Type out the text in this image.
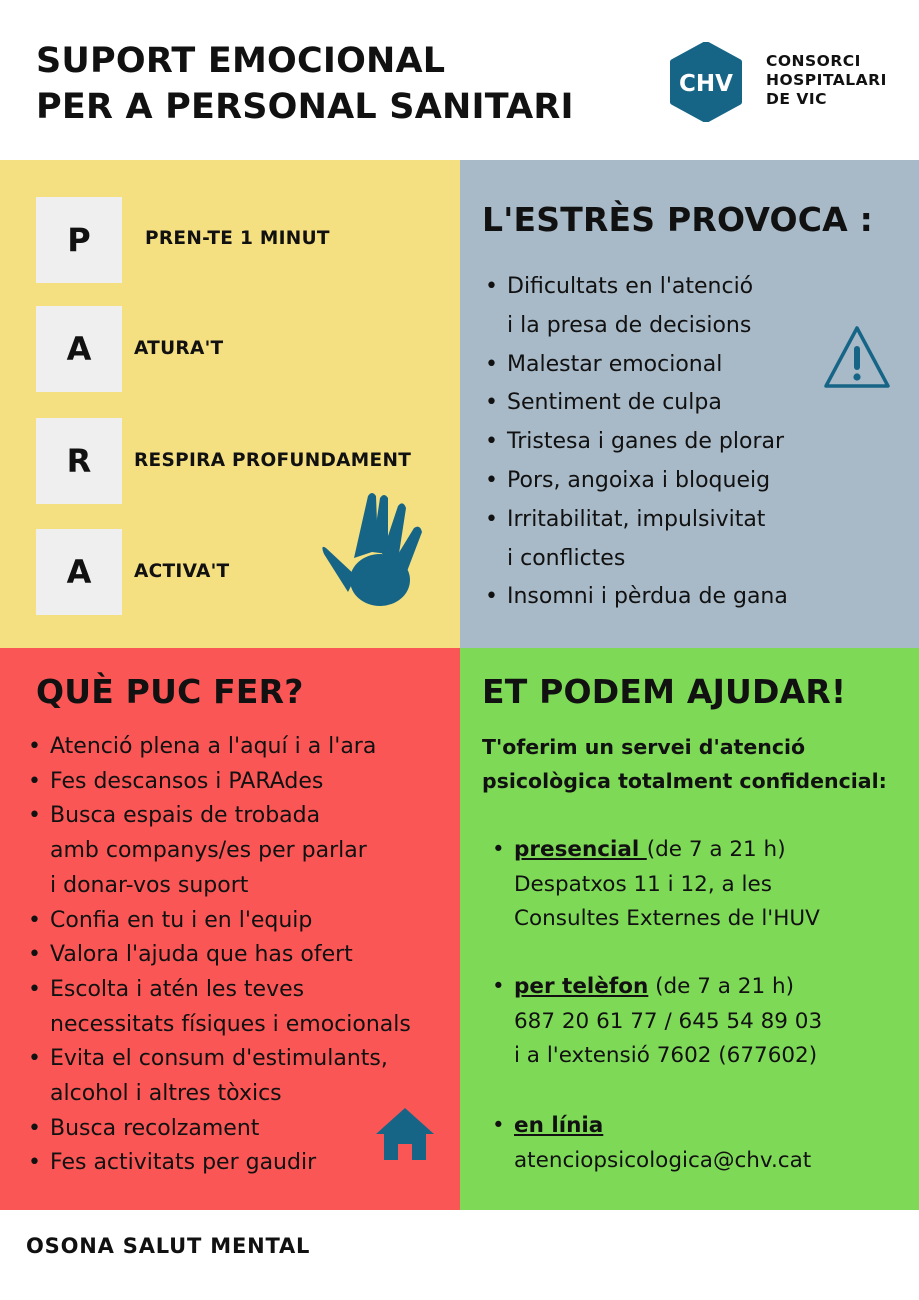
SUPORT EMOCIONAL
PER A PERSONAL SANITARI
CHV
CONSORCI
HOSPITALARI
DE VIC
P	PREN-TE 1 MINUT
A	ATURA'T
R	RESPIRA PROFUNDAMENT
A	ACTIVA'T
L'ESTRÈS PROVOCA :
• Dificultats en l'atenció
i la presa de decisions
• Malestar emocional
• Sentiment de culpa
• Tristesa i ganes de plorar
• Pors, angoixa i bloqueig
• Irritabilitat, impulsivitat
i conflictes
• Insomni i pèrdua de gana
QUÈ PUC FER?
• Atenció plena a l'aquí i a l'ara
• Fes descansos i PARAdes
• Busca espais de trobada
amb companys/es per parlar
i donar-vos suport
• Confia en tu i en l'equip
• Valora l'ajuda que has ofert
• Escolta i atén les teves
necessitats físiques i emocionals
• Evita el consum d'estimulants,
alcohol i altres tòxics
• Busca recolzament
• Fes activitats per gaudir
ET PODEM AJUDAR!
T'oferim un servei d'atenció
psicològica totalment confidencial:
• presencial (de 7 a 21 h)
Despatxos 11 i 12, a les
Consultes Externes de l'HUV
• per telèfon (de 7 a 21 h)
687 20 61 77 / 645 54 89 03
i a l'extensió 7602 (677602)
• en línia
atenciopsicologica@chv.cat
OSONA SALUT MENTAL
